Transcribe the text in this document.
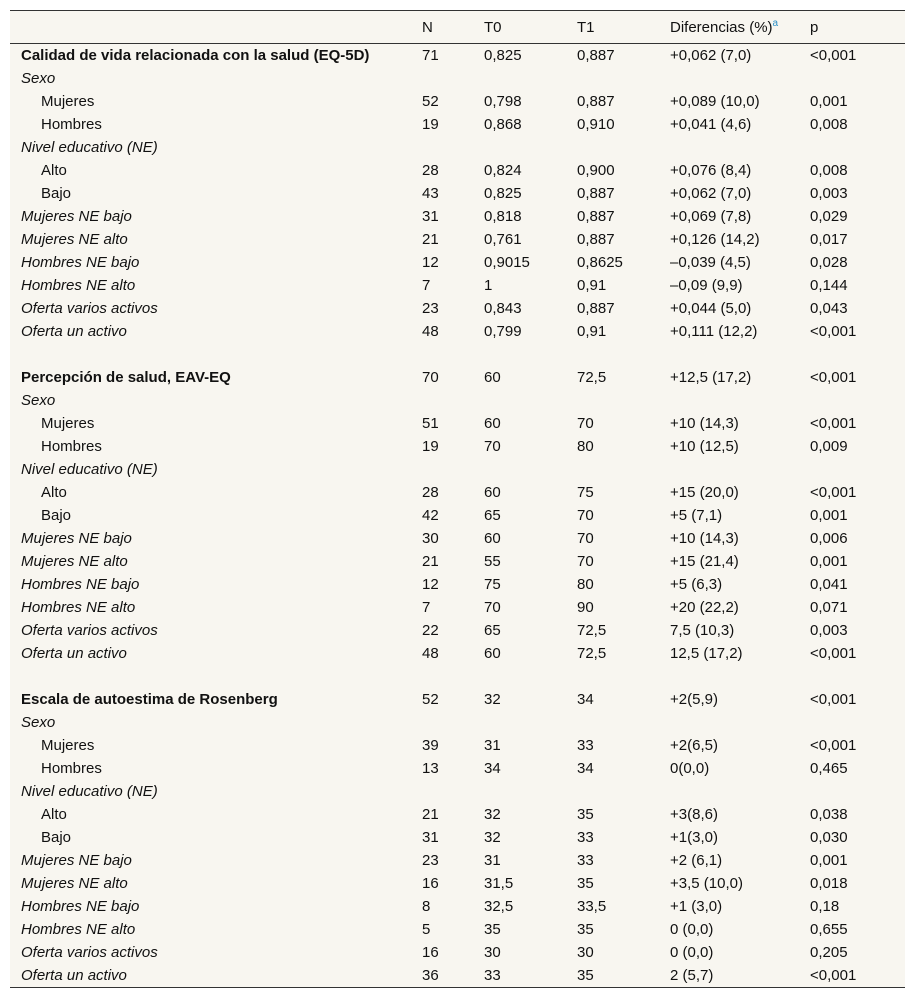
	N	T0	T1	Diferencias (%)$^a$	p
Calidad de vida relacionada con la salud (EQ-5D)	71	0,825	0,887	+0,062 (7,0)	<0,001
Sexo					
Mujeres	52	0,798	0,887	+0,089 (10,0)	0,001
Hombres	19	0,868	0,910	+0,041 (4,6)	0,008
Nivel educativo (NE)					
Alto	28	0,824	0,900	+0,076 (8,4)	0,008
Bajo	43	0,825	0,887	+0,062 (7,0)	0,003
Mujeres NE bajo	31	0,818	0,887	+0,069 (7,8)	0,029
Mujeres NE alto	21	0,761	0,887	+0,126 (14,2)	0,017
Hombres NE bajo	12	0,9015	0,8625	–0,039 (4,5)	0,028
Hombres NE alto	7	1	0,91	–0,09 (9,9)	0,144
Oferta varios activos	23	0,843	0,887	+0,044 (5,0)	0,043
Oferta un activo	48	0,799	0,91	+0,111 (12,2)	<0,001

Percepción de salud, EAV-EQ	70	60	72,5	+12,5 (17,2)	<0,001
Sexo					
Mujeres	51	60	70	+10 (14,3)	<0,001
Hombres	19	70	80	+10 (12,5)	0,009
Nivel educativo (NE)					
Alto	28	60	75	+15 (20,0)	<0,001
Bajo	42	65	70	+5 (7,1)	0,001
Mujeres NE bajo	30	60	70	+10 (14,3)	0,006
Mujeres NE alto	21	55	70	+15 (21,4)	0,001
Hombres NE bajo	12	75	80	+5 (6,3)	0,041
Hombres NE alto	7	70	90	+20 (22,2)	0,071
Oferta varios activos	22	65	72,5	7,5 (10,3)	0,003
Oferta un activo	48	60	72,5	12,5 (17,2)	<0,001

Escala de autoestima de Rosenberg	52	32	34	+2(5,9)	<0,001
Sexo					
Mujeres	39	31	33	+2(6,5)	<0,001
Hombres	13	34	34	0(0,0)	0,465
Nivel educativo (NE)					
Alto	21	32	35	+3(8,6)	0,038
Bajo	31	32	33	+1(3,0)	0,030
Mujeres NE bajo	23	31	33	+2 (6,1)	0,001
Mujeres NE alto	16	31,5	35	+3,5 (10,0)	0,018
Hombres NE bajo	8	32,5	33,5	+1 (3,0)	0,18
Hombres NE alto	5	35	35	0 (0,0)	0,655
Oferta varios activos	16	30	30	0 (0,0)	0,205
Oferta un activo	36	33	35	2 (5,7)	<0,001
